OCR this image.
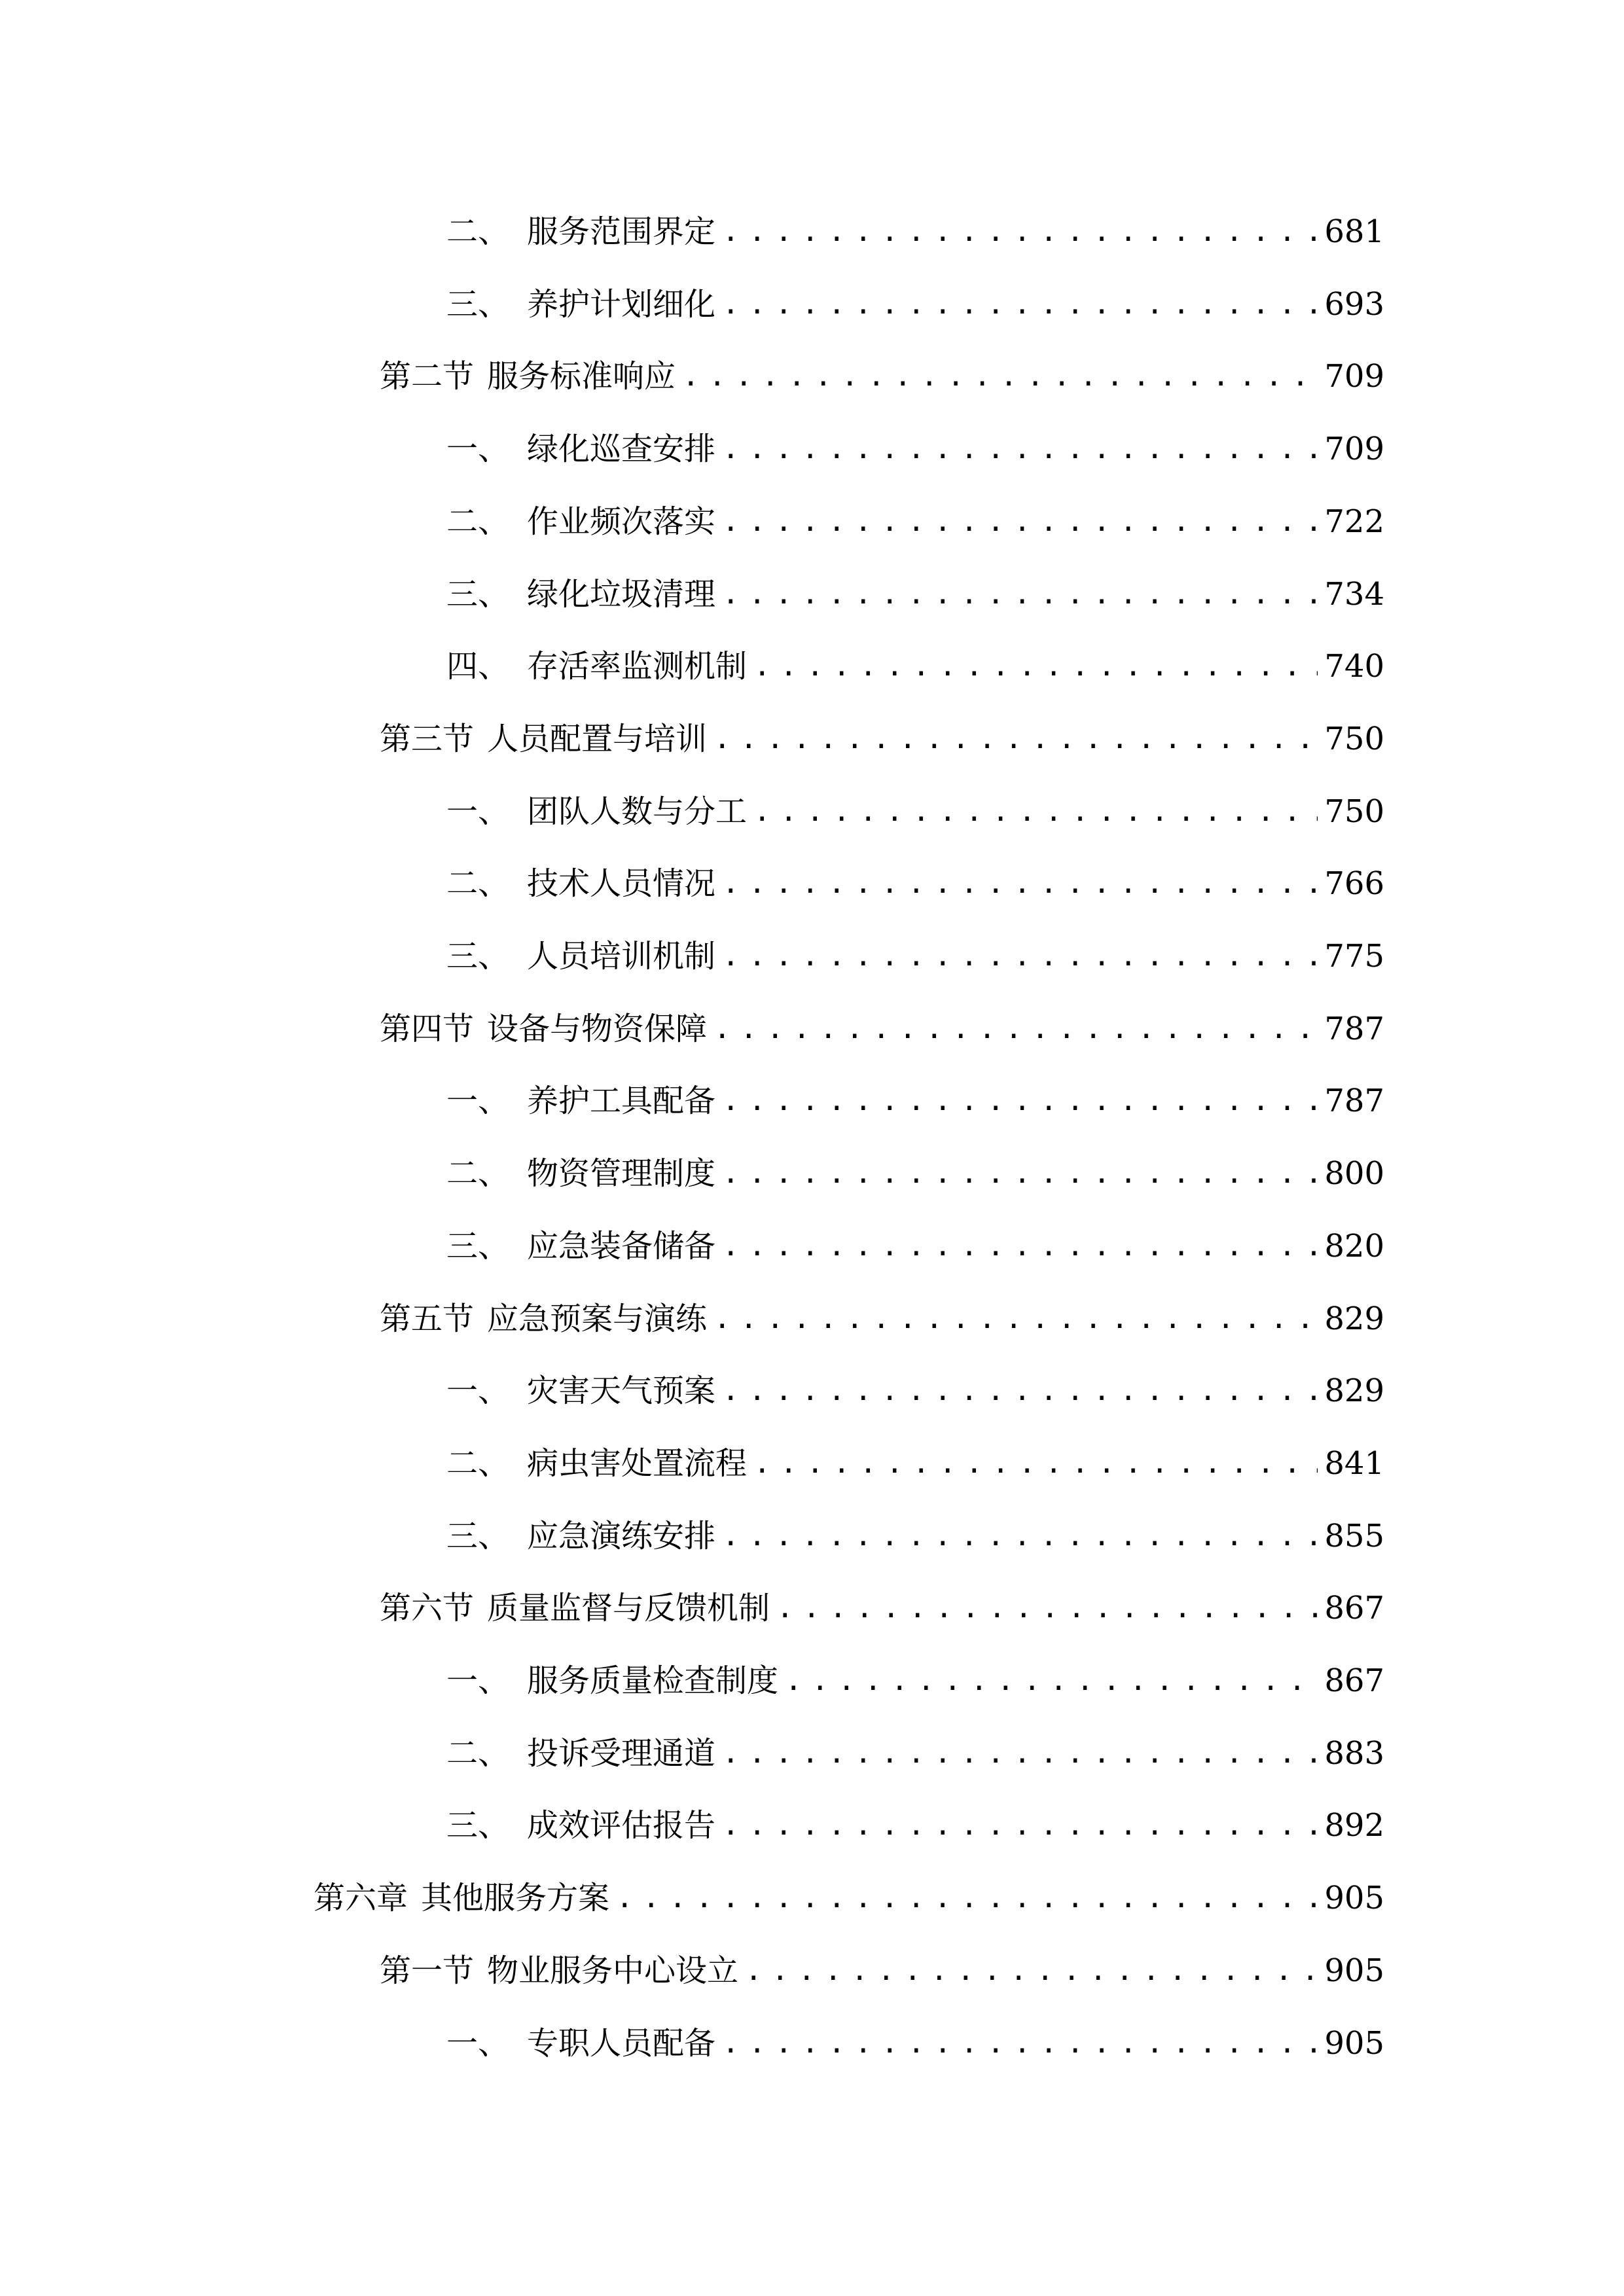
二、 服务范围界定 .....	681
三、 养护计划细化 .....	693
第二节 服务标准响应 .....	709
一、 绿化巡查安排 .....	709
二、 作业频次落实 .....	722
三、 绿化垃圾清理 .....	734
四、 存活率监测机制 .....	740
第三节 人员配置与培训 .....	750
一、 团队人数与分工 .....	750
二、 技术人员情况 .....	766
三、 人员培训机制 .....	775
第四节 设备与物资保障 .....	787
一、 养护工具配备 .....	787
二、 物资管理制度 .....	800
三、 应急装备储备 .....	820
第五节 应急预案与演练 .....	829
一、 灾害天气预案 .....	829
二、 病虫害处置流程 .....	841
三、 应急演练安排 .....	855
第六节 质量监督与反馈机制 .....	867
一、 服务质量检查制度 .....	867
二、 投诉受理通道 .....	883
三、 成效评估报告 .....	892
第六章 其他服务方案 .....	905
第一节 物业服务中心设立 .....	905
一、 专职人员配备 .....	905
